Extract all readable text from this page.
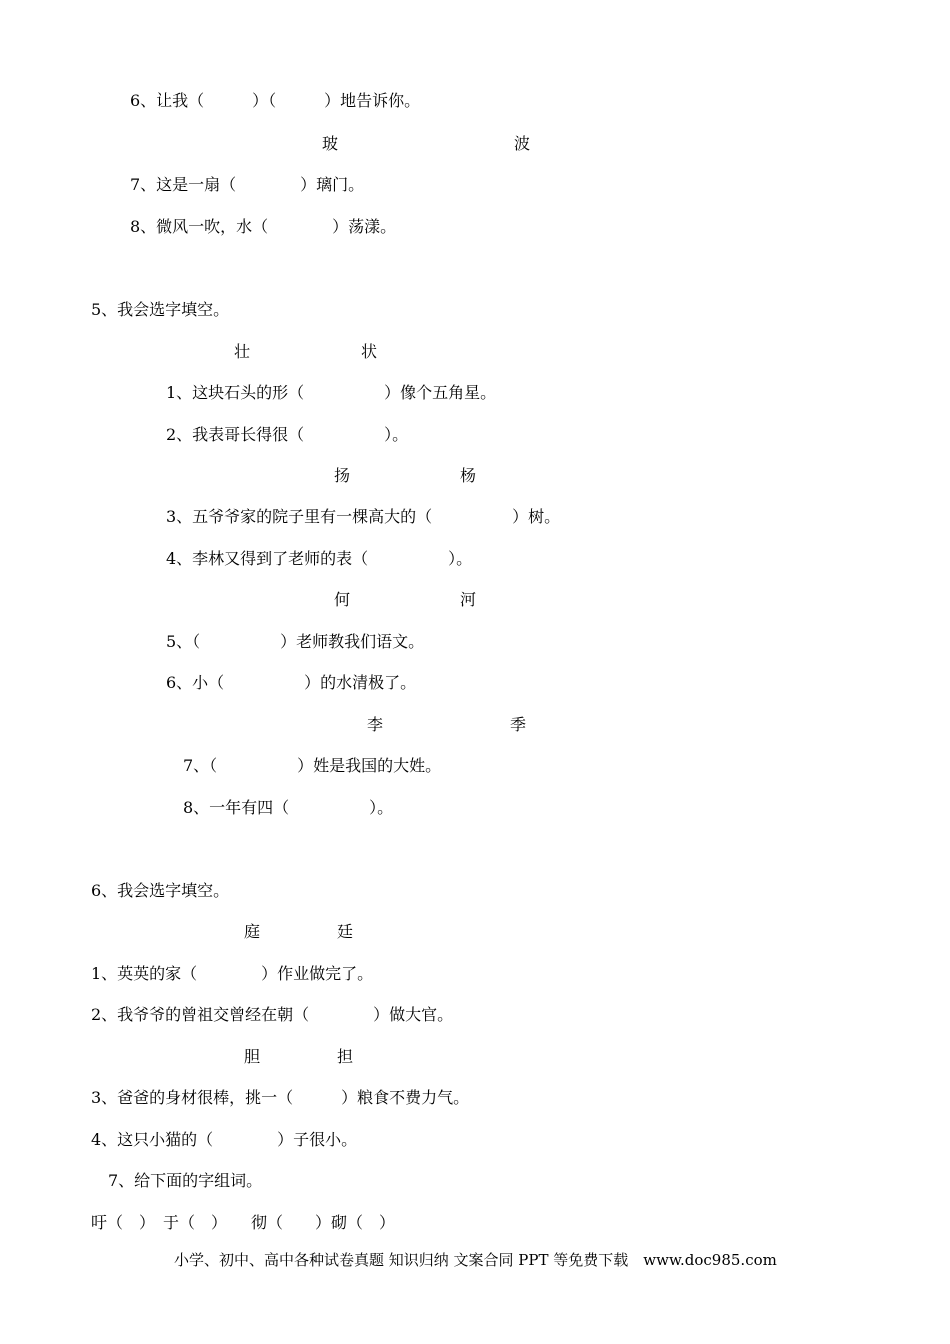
6、让我（　　　）（　　　）地告诉你。
玻	波
7、这是一扇（　　　　）璃门。
8、微风一吹，水（　　　　）荡漾。
5、我会选字填空。
壮	状
1、这块石头的形（　　　　　）像个五角星。
2、我表哥长得很（　　　　　）。
扬	杨
3、五爷爷家的院子里有一棵高大的（　　　　　）树。
4、李林又得到了老师的表（　　　　　）。
何	河
5、（　　　　　）老师教我们语文。
6、小（　　　　　）的水清极了。
李	季
7、（　　　　　）姓是我国的大姓。
8、一年有四（　　　　　）。
6、我会选字填空。
庭	廷
1、英英的家（　　　　）作业做完了。
2、我爷爷的曾祖交曾经在朝（　　　　）做大官。
胆	担
3、爸爸的身材很棒，挑一（　　　）粮食不费力气。
4、这只小猫的（　　　　）子很小。
7、给下面的字组词。
吁（　）　于（　）　　彻（　　）砌（　）
小学、初中、高中各种试卷真题 知识归纳 文案合同 PPT 等免费下载　www.doc985.com
